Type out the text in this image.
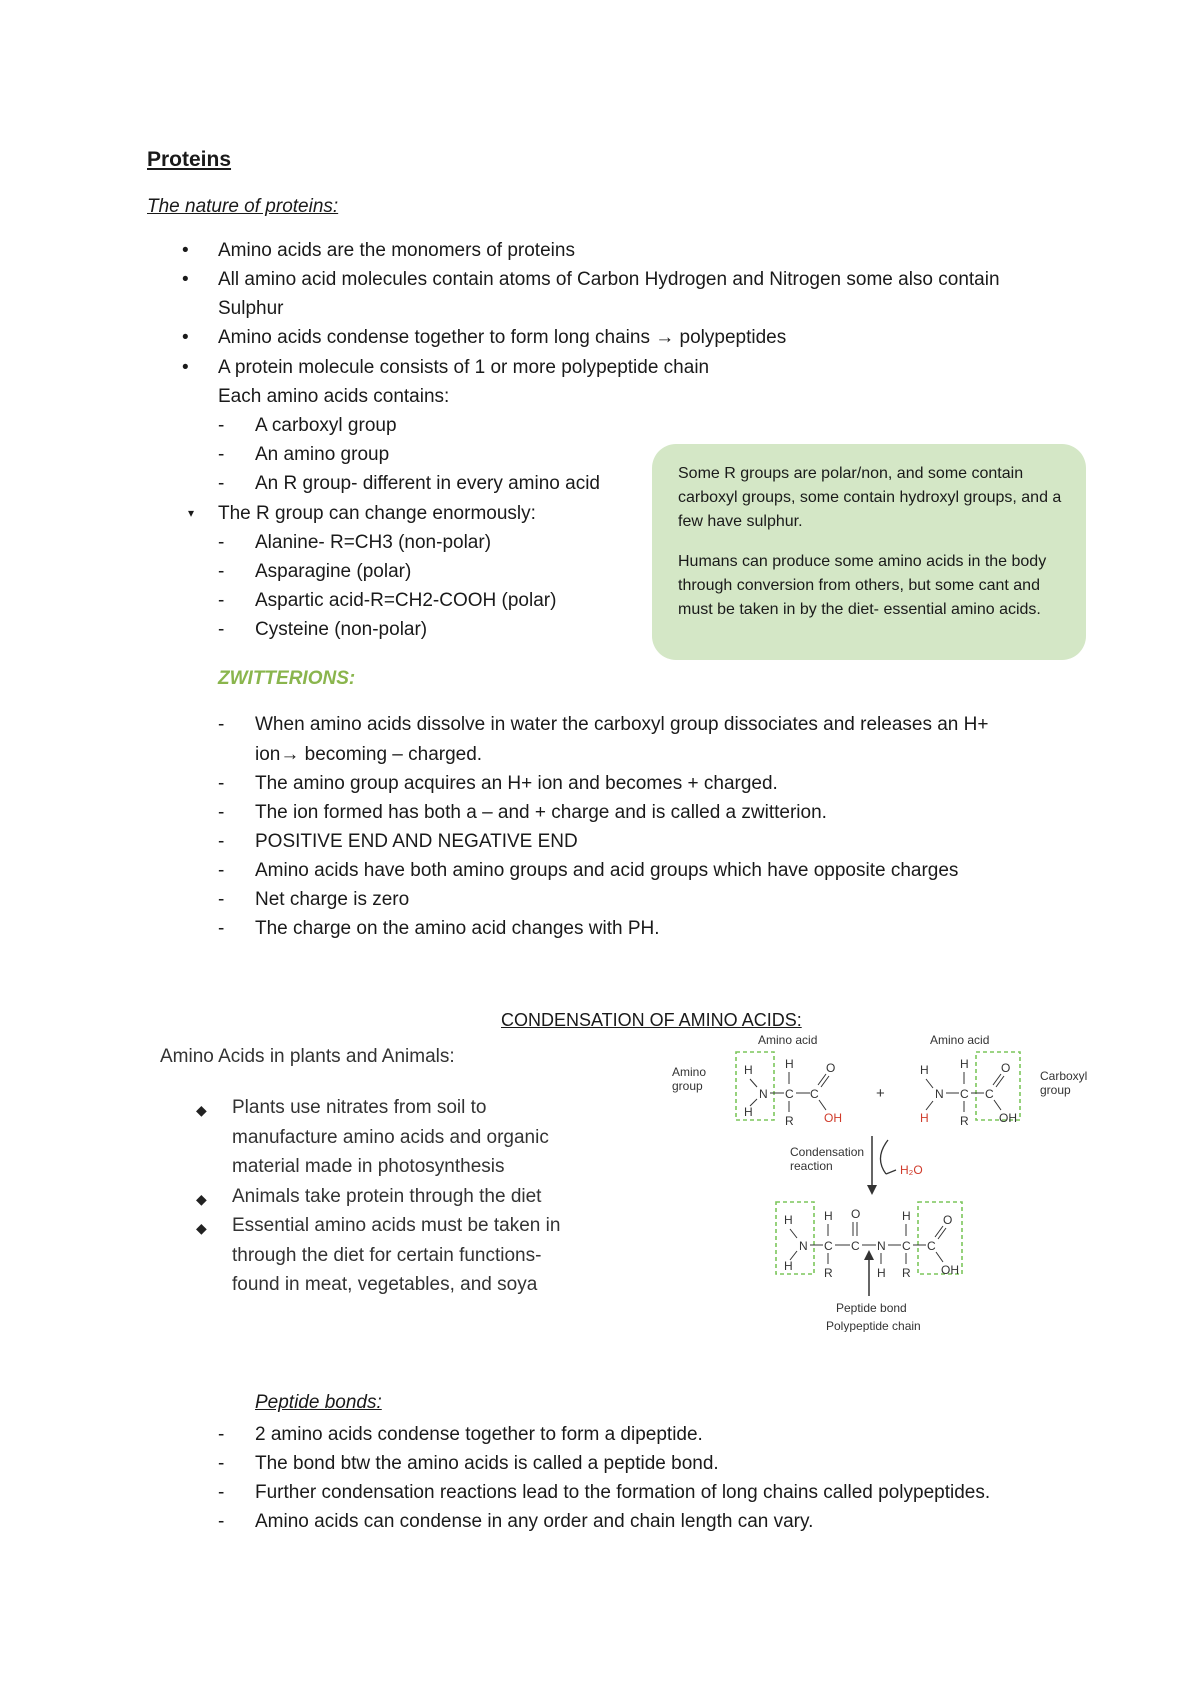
Proteins
The nature of proteins:
• Amino acids are the monomers of proteins
• All amino acid molecules contain atoms of Carbon Hydrogen and Nitrogen some also contain
Sulphur
• Amino acids condense together to form long chains → polypeptides
• A protein molecule consists of 1 or more polypeptide chain
Each amino acids contains:
- A carboxyl group
- An amino group
- An R group- different in every amino acid
▾ The R group can change enormously:
- Alanine- R=CH3 (non-polar)
- Asparagine (polar)
- Aspartic acid-R=CH2-COOH (polar)
- Cysteine (non-polar)

Some R groups are polar/non, and some contain carboxyl groups, some contain hydroxyl groups, and a few have sulphur.

Humans can produce some amino acids in the body through conversion from others, but some cant and must be taken in by the diet- essential amino acids.

ZWITTERIONS:
- When amino acids dissolve in water the carboxyl group dissociates and releases an H+
ion→ becoming – charged.
- The amino group acquires an H+ ion and becomes + charged.
- The ion formed has both a – and + charge and is called a zwitterion.
- POSITIVE END AND NEGATIVE END
- Amino acids have both amino groups and acid groups which have opposite charges
- Net charge is zero
- The charge on the amino acid changes with PH.
CONDENSATION OF AMINO ACIDS:
Amino Acids in plants and Animals:
◆ Plants use nitrates from soil to
manufacture amino acids and organic
material made in photosynthesis
◆ Animals take protein through the diet
◆ Essential amino acids must be taken in
through the diet for certain functions-
found in meat, vegetables, and soya
Amino acid	Amino acid
H
H
N C
H
R
C
O
OH
Amino group	+
H
H
N C
H
R
C
O
OH
Carboxyl group
Condensation reaction	H₂O
H
H
N C
H
R
C
O
N
H
C
H
R
C
O
OH
Peptide bond
Polypeptide chain
Peptide bonds:
- 2 amino acids condense together to form a dipeptide.
- The bond btw the amino acids is called a peptide bond.
- Further condensation reactions lead to the formation of long chains called polypeptides.
- Amino acids can condense in any order and chain length can vary.
